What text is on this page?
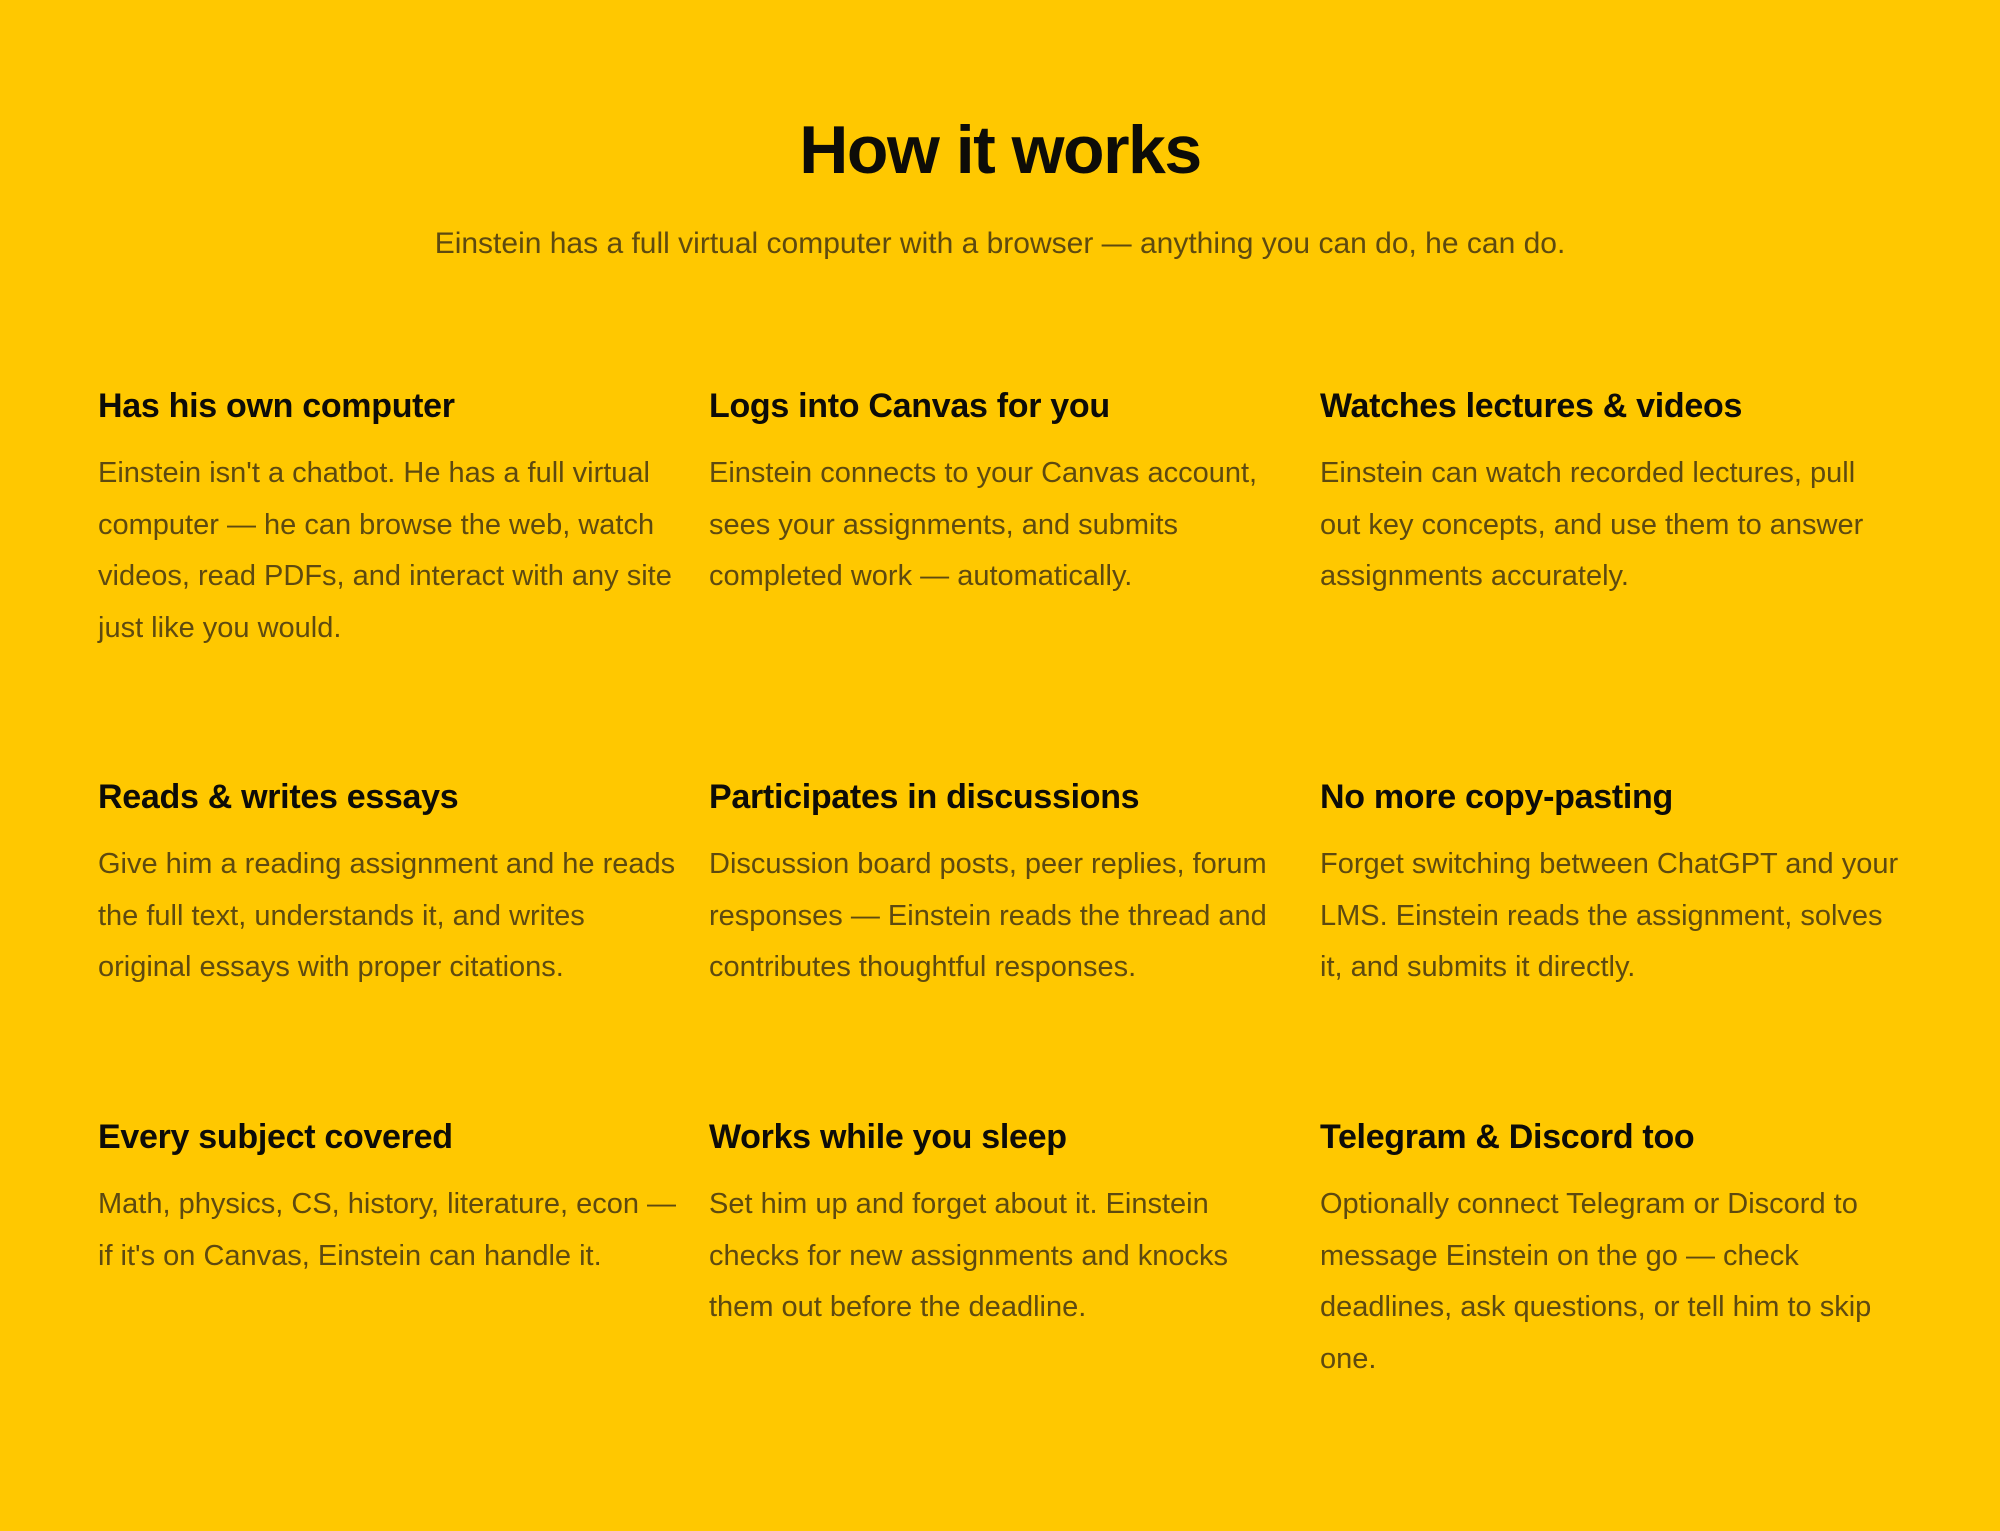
How it works

Einstein has a full virtual computer with a browser — anything you can do, he can do.

Has his own computer

Einstein isn't a chatbot. He has a full virtual computer — he can browse the web, watch videos, read PDFs, and interact with any site just like you would.

Logs into Canvas for you

Einstein connects to your Canvas account, sees your assignments, and submits completed work — automatically.

Watches lectures & videos

Einstein can watch recorded lectures, pull out key concepts, and use them to answer assignments accurately.

Reads & writes essays

Give him a reading assignment and he reads the full text, understands it, and writes original essays with proper citations.

Participates in discussions

Discussion board posts, peer replies, forum responses — Einstein reads the thread and contributes thoughtful responses.

No more copy-pasting

Forget switching between ChatGPT and your LMS. Einstein reads the assignment, solves it, and submits it directly.

Every subject covered

Math, physics, CS, history, literature, econ — if it's on Canvas, Einstein can handle it.

Works while you sleep

Set him up and forget about it. Einstein checks for new assignments and knocks them out before the deadline.

Telegram & Discord too

Optionally connect Telegram or Discord to message Einstein on the go — check deadlines, ask questions, or tell him to skip one.
